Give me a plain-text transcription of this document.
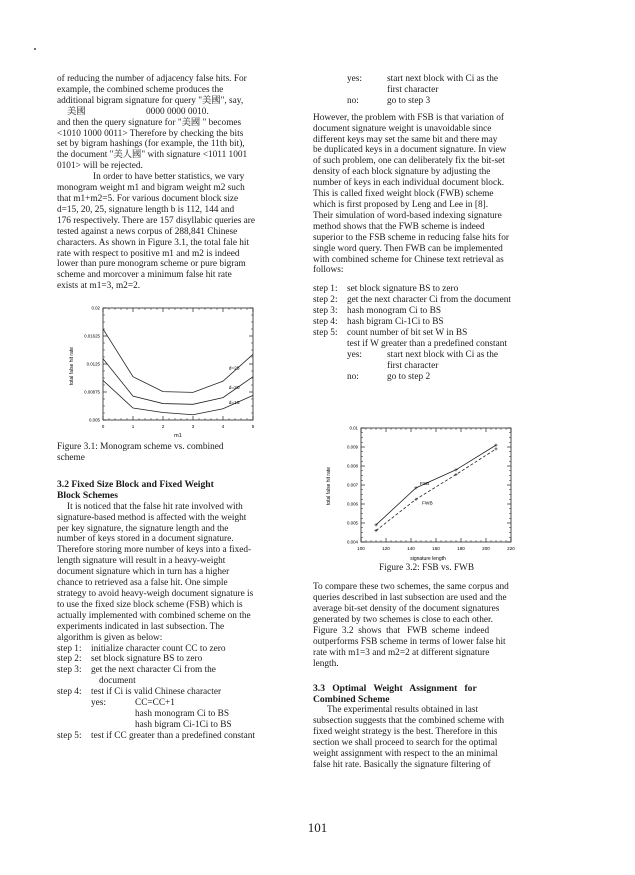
of reducing the number of adjacency false hits. For

example, the combined scheme produces the

additional bigram signature for query "美國", say,

美國                          0000 0000 0010.

and then the query signature for "美國 " becomes

<1010 1000 0011> Therefore by checking the bits

set by bigram hashings (for example, the 11th bit),

the document "美人國" with signature <1011 1001

0101> will be rejected.

In order to have better statistics, we vary

monogram weight m1 and bigram weight m2 such

that m1+m2=5. For various document block size

d=15, 20, 25, signature length b is 112, 144 and

176 respectively. There are 157 disyllabic queries are

tested against a news corpus of 288,841 Chinese

characters. As shown in Figure 3.1, the total fale hit

rate with respect to positive m1 and m2 is indeed

lower than pure monogram scheme or pure bigram

scheme and morcover a minimum false hit rate

exists at m1=3, m2=2.

0	1	2	3	4	5
0.005
0.00875
0.0125
0.01625
0.02
d=25
d=20
d=15
total false hit rate
m1

Figure 3.1: Monogram scheme vs. combined

scheme

3.2 Fixed Size Block and Fixed Weight

Block Schemes

It is noticed that the false hit rate involved with

signature-based method is affected with the weight

per key signature, the signature length and the

number of keys stored in a document signature.

Therefore storing more number of keys into a fixed-

length signature will result in a heavy-weight

document signature which in turn has a higher

chance to retrieved asa a false hit. One simple

strategy to avoid heavy-weigh document signature is

to use the fixed size block scheme (FSB) which is

actually implemented with combined scheme on the

experiments indicated in last subsection. The

algorithm is given as below:

step 1:	initialize character count CC to zero
step 2:	set block signature BS to zero
step 3:	get the next character Ci from the
document
step 4:	test if Ci is valid Chinese character
yes:	CC=CC+1
hash monogram Ci to BS
hash bigram Ci-1Ci to BS
step 5:	test if CC greater than a predefined constant
yes:	start next block with Ci as the
first character
no:	go to step 3

However, the problem with FSB is that variation of

document signature weight is unavoidable since

different keys may set the same bit and there may

be duplicated keys in a document signature. In view

of such problem, one can deliberately fix the bit-set

density of each block signature by adjusting the

number of keys in each individual document block.

This is called fixed weight block (FWB) scheme

which is first proposed by Leng and Lee in [8].

Their simulation of word-based indexing signature

method shows that the FWB scheme is indeed

superior to the FSB scheme in reducing false hits for

single word query. Then FWB can be implemented

with combined scheme for Chinese text retrieval as

follows:

step 1:	set block signature BS to zero
step 2:	get the next character Ci from the document
step 3:	hash monogram Ci to BS
step 4:	hash bigram Ci-1Ci to BS
step 5:	count number of bit set W in BS
test if W greater than a predefined constant
yes:	start next block with Ci as the
first character
no:	go to step 2
100	120	140	160	180	200	220
0.004
0.005
0.006
0.007
0.008
0.009
0.01
FSB
FWB
total false hit rate
signature length

Figure 3.2: FSB vs. FWB

To compare these two schemes, the same corpus and

queries described in last subsection are used and the

average bit-set density of the document signatures

generated by two schemes is close to each other.

Figure  3.2  shows  that   FWB  scheme  indeed

outperforms FSB scheme in terms of lower false hit

rate with m1=3 and m2=2 at different signature

length.

3.3   Optimal   Weight   Assignment   for

Combined Scheme

The experimental results obtained in last

subsection suggests that the combined scheme with

fixed weight strategy is the best. Therefore in this

section we shall proceed to search for the optimal

weight assignment with respect to the an minimal

false hit rate. Basically the signature filtering of

101
